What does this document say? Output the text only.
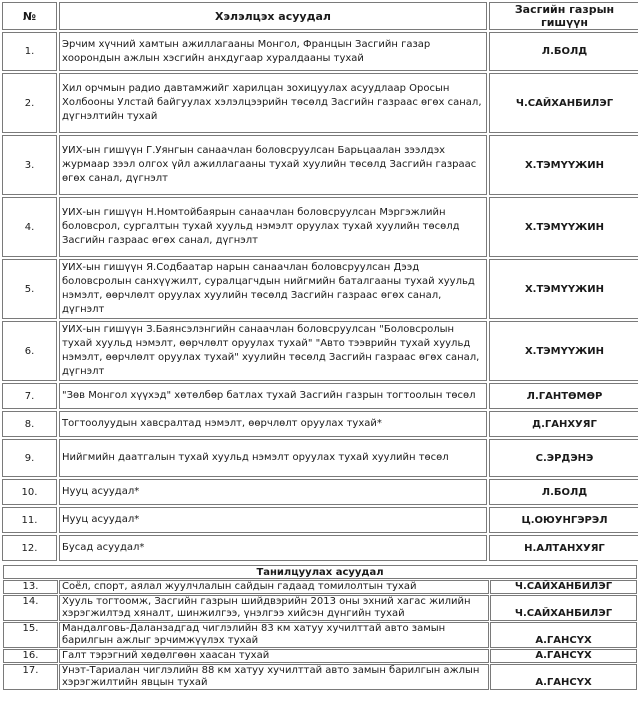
№	Хэлэлцэх асуудал	Засгийн газрын гишүүн
1.	Эрчим хүчний хамтын ажиллагааны Монгол, Францын Засгийн газар хоорондын ажлын хэсгийн анхдугаар хуралдааны тухай	Л.БОЛД
2.	Хил орчмын радио давтамжийг харилцан зохицуулах асуудлаар Оросын Холбооны Улстай байгуулах хэлэлцээрийн төсөлд Засгийн газраас өгөх санал, дүгнэлтийн тухай	Ч.САЙХАНБИЛЭГ
3.	УИХ-ын гишүүн Г.Уянгын санаачлан боловсруулсан Барьцаалан зээлдэх журмаар зээл олгох үйл ажиллагааны тухай хуулийн төсөлд Засгийн газраас өгөх санал, дүгнэлт	Х.ТЭМҮҮЖИН
4.	УИХ-ын гишүүн Н.Номтойбаярын санаачлан боловсруулсан Мэргэжлийн боловсрол, сургалтын тухай хуульд нэмэлт оруулах тухай хуулийн төсөлд Засгийн газраас өгөх санал, дүгнэлт	Х.ТЭМҮҮЖИН
5.	УИХ-ын гишүүн Я.Содбаатар нарын санаачлан боловсруулсан Дээд боловсролын санхүүжилт, суралцагчдын нийгмийн баталгааны тухай хуульд нэмэлт, өөрчлөлт оруулах хуулийн төсөлд Засгийн газраас өгөх санал, дүгнэлт	Х.ТЭМҮҮЖИН
6.	УИХ-ын гишүүн З.Баянсэлэнгийн санаачлан боловсруулсан "Боловсролын тухай хуульд нэмэлт, өөрчлөлт оруулах тухай" "Авто тээврийн тухай хуульд нэмэлт, өөрчлөлт оруулах тухай" хуулийн төсөлд Засгийн газраас өгөх санал, дүгнэлт	Х.ТЭМҮҮЖИН
7.	"Зөв Монгол хүүхэд" хөтөлбөр батлах тухай Засгийн газрын тогтоолын төсөл	Л.ГАНТӨМӨР
8.	Тогтоолуудын хавсралтад нэмэлт, өөрчлөлт оруулах тухай*	Д.ГАНХУЯГ
9.	Нийгмийн даатгалын тухай хуульд нэмэлт оруулах тухай хуулийн төсөл	С.ЭРДЭНЭ
10.	Нууц асуудал*	Л.БОЛД
11.	Нууц асуудал*	Ц.ОЮУНГЭРЭЛ
12.	Бусад асуудал*	Н.АЛТАНХУЯГ
Танилцуулах асуудал		
13.	Соёл, спорт, аялал жуулчлалын сайдын гадаад томилолтын тухай	Ч.САЙХАНБИЛЭГ
14.	Хууль тогтоомж, Засгийн газрын шийдвэрийн 2013 оны эхний хагас жилийн хэрэгжилтэд хяналт, шинжилгээ, үнэлгээ хийсэн дүнгийн тухай	Ч.САЙХАНБИЛЭГ
15.	Мандалговь-Даланзадгад чиглэлийн 83 км хатуу хучилттай авто замын барилгын ажлыг эрчимжүүлэх тухай	А.ГАНСҮХ
16.	Галт тэрэгний хөдөлгөөн хаасан тухай	А.ГАНСҮХ
17.	Унэт-Тариалан чиглэлийн 88 км хатуу хучилттай авто замын барилгын ажлын хэрэгжилтийн явцын тухай	А.ГАНСҮХ
